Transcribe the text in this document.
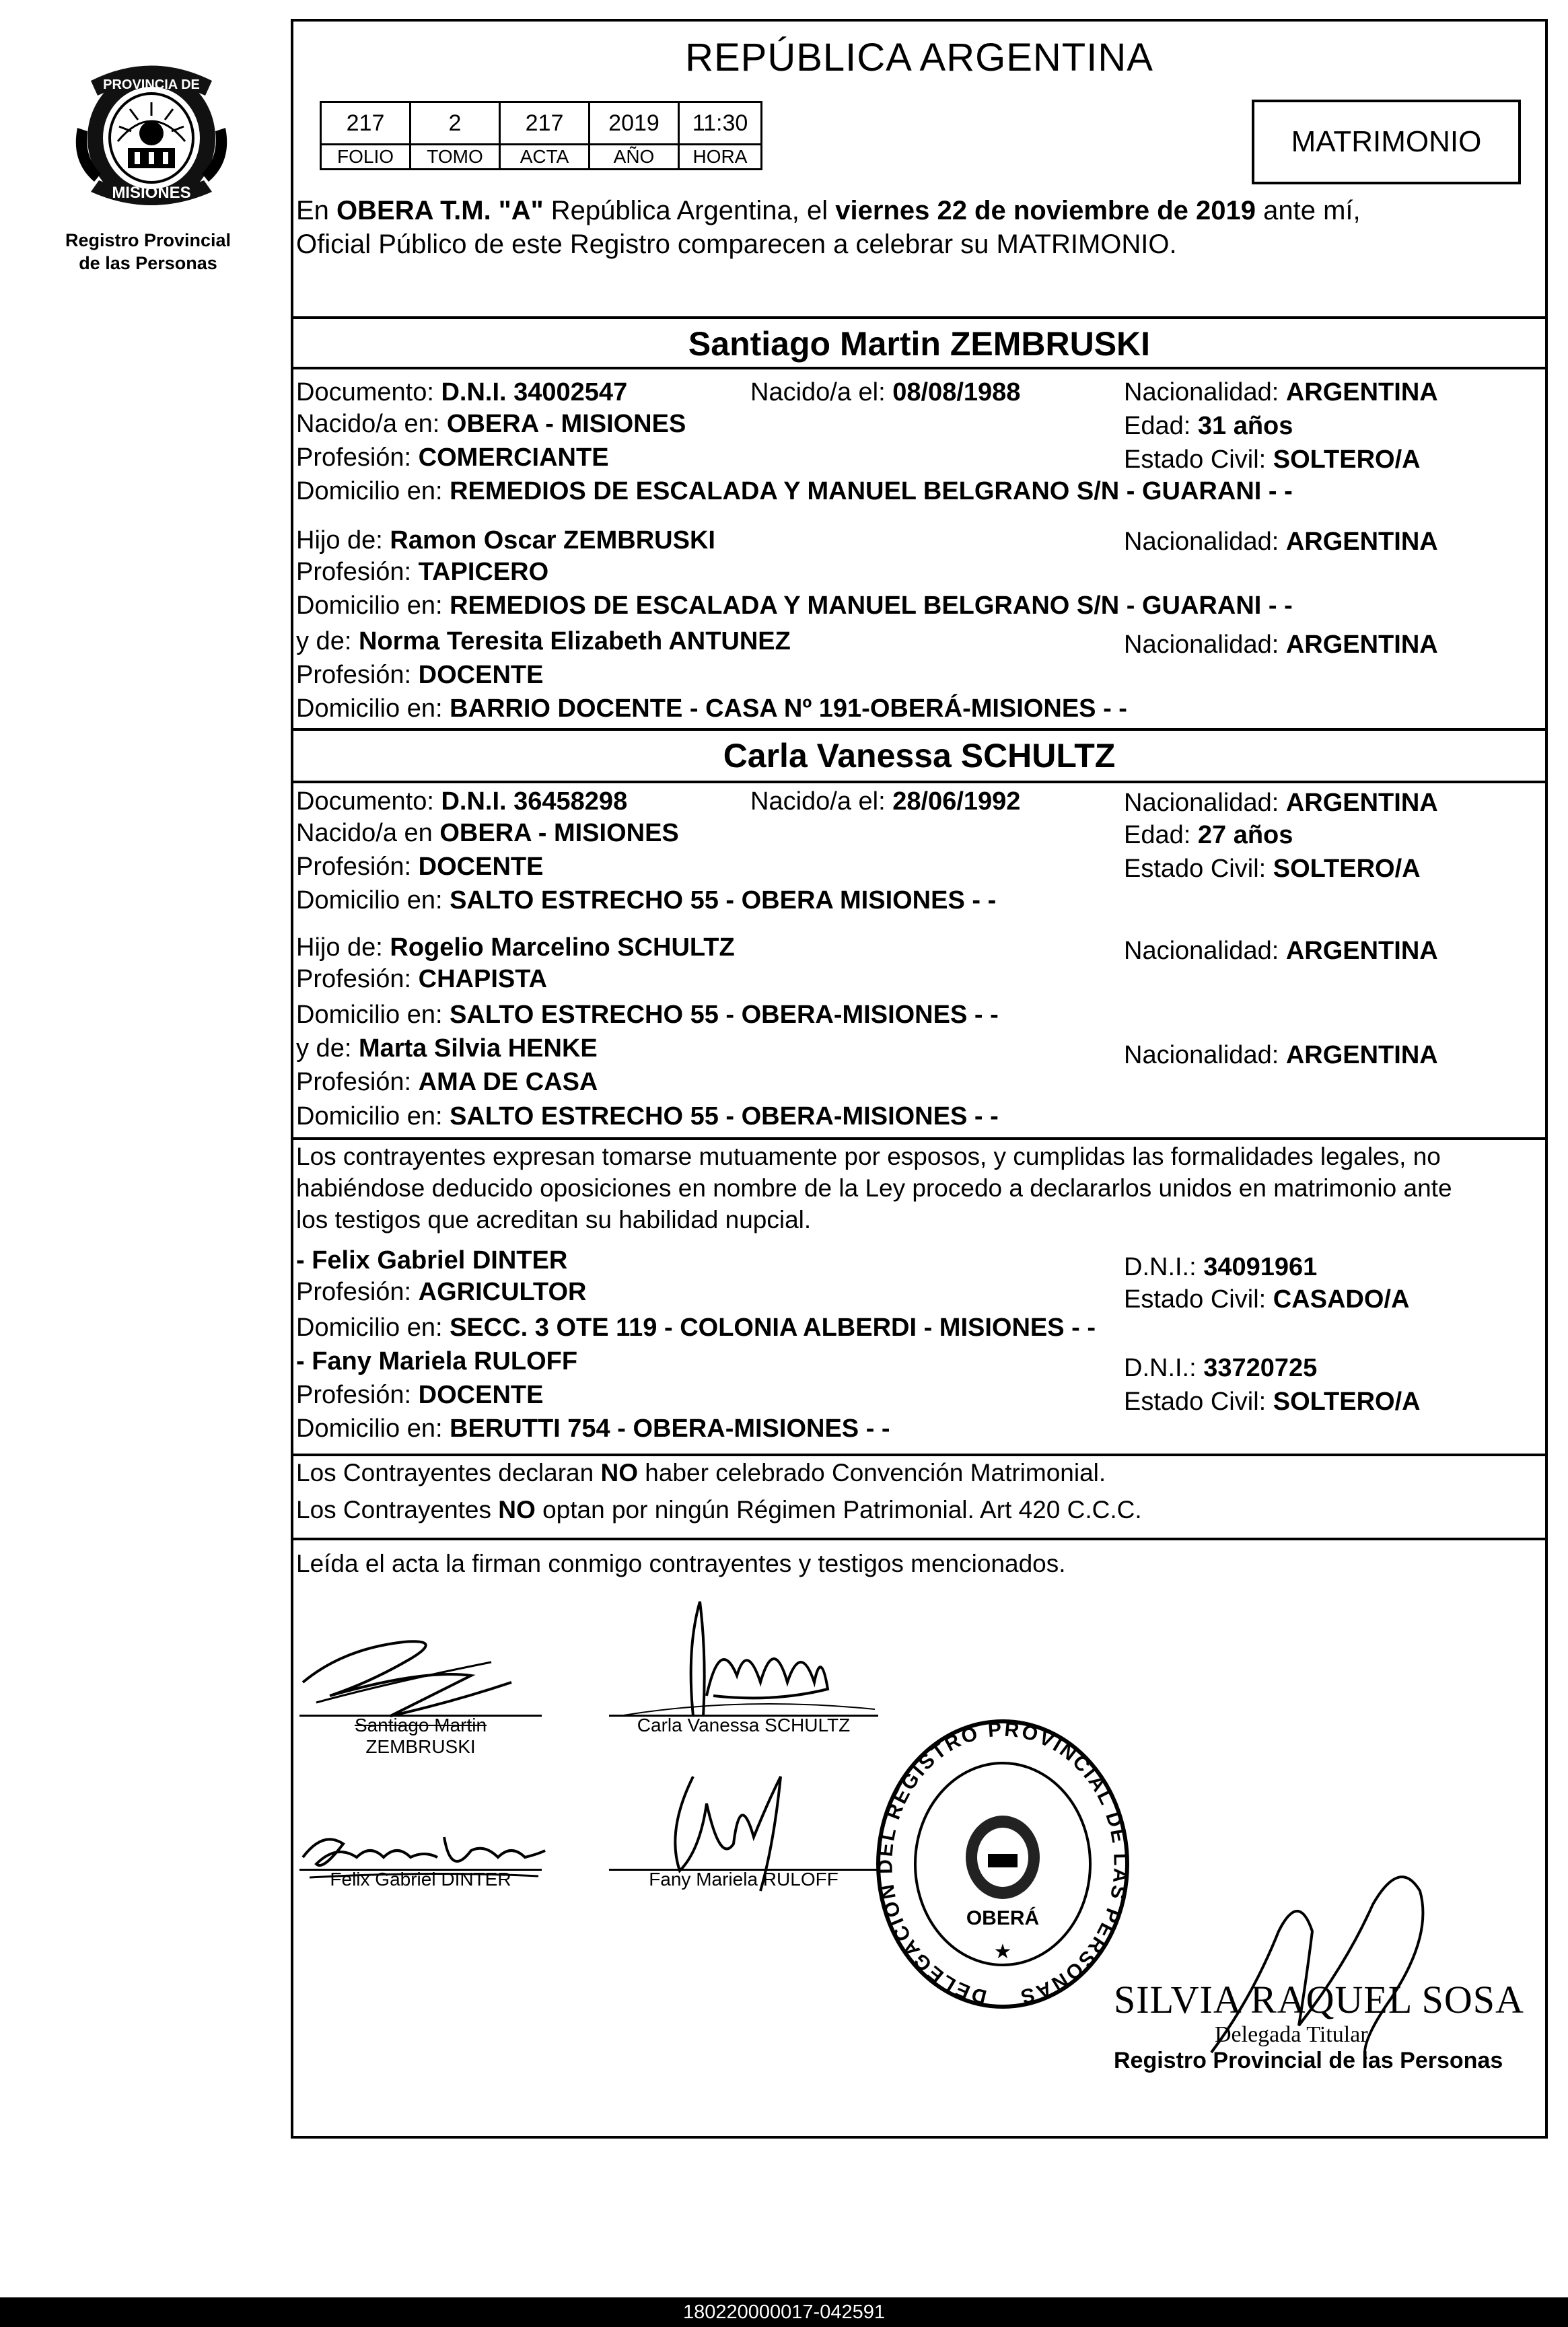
PROVINCIA DE
MISIONES
Registro Provincial
de las Personas
REPÚBLICA ARGENTINA
217	2	217	2019	11:30
FOLIO	TOMO	ACTA	AÑO	HORA	MATRIMONIO
En OBERA T.M. "A" República Argentina, el viernes 22 de noviembre de 2019 ante mí,
Oficial Público de este Registro comparecen a celebrar su MATRIMONIO.
Santiago Martin ZEMBRUSKI
Documento: D.N.I. 34002547	Nacido/a el: 08/08/1988	Nacionalidad: ARGENTINA
Nacido/a en: OBERA - MISIONES	Edad: 31 años
Profesión: COMERCIANTE	Estado Civil: SOLTERO/A
Domicilio en: REMEDIOS DE ESCALADA Y MANUEL BELGRANO S/N - GUARANI - -
Hijo de: Ramon Oscar ZEMBRUSKI	Nacionalidad: ARGENTINA
Profesión: TAPICERO
Domicilio en: REMEDIOS DE ESCALADA Y MANUEL BELGRANO S/N - GUARANI - -
y de: Norma Teresita Elizabeth ANTUNEZ	Nacionalidad: ARGENTINA
Profesión: DOCENTE
Domicilio en: BARRIO DOCENTE - CASA Nº 191-OBERÁ-MISIONES - -
Carla Vanessa SCHULTZ
Documento: D.N.I. 36458298	Nacido/a el: 28/06/1992	Nacionalidad: ARGENTINA
Nacido/a en OBERA - MISIONES	Edad: 27 años
Profesión: DOCENTE	Estado Civil: SOLTERO/A
Domicilio en: SALTO ESTRECHO 55 - OBERA MISIONES - -
Hijo de: Rogelio Marcelino SCHULTZ	Nacionalidad: ARGENTINA
Profesión: CHAPISTA
Domicilio en: SALTO ESTRECHO 55 - OBERA-MISIONES - -
y de: Marta Silvia HENKE	Nacionalidad: ARGENTINA
Profesión: AMA DE CASA
Domicilio en: SALTO ESTRECHO 55 - OBERA-MISIONES - -
Los contrayentes expresan tomarse mutuamente por esposos, y cumplidas las formalidades legales, no
habiéndose deducido oposiciones en nombre de la Ley procedo a declararlos unidos en matrimonio ante
los testigos que acreditan su habilidad nupcial.
- Felix Gabriel DINTER	D.N.I.: 34091961
Profesión: AGRICULTOR	Estado Civil: CASADO/A
Domicilio en: SECC. 3 OTE 119 - COLONIA ALBERDI - MISIONES - -
- Fany Mariela RULOFF	D.N.I.: 33720725
Profesión: DOCENTE	Estado Civil: SOLTERO/A
Domicilio en: BERUTTI 754 - OBERA-MISIONES - -
Los Contrayentes declaran NO haber celebrado Convención Matrimonial.
Los Contrayentes NO optan por ningún Régimen Patrimonial. Art 420 C.C.C.
Leída el acta la firman conmigo contrayentes y testigos mencionados.
Santiago Martin
ZEMBRUSKI
Carla Vanessa SCHULTZ
Felix Gabriel DINTER	Fany Mariela RULOFF
DELEGACION DEL REGISTRO PROVINCIAL DE LAS PERSONAS
OBERÁ
★
SILVIA RAQUEL SOSA
Delegada Titular
Registro Provincial de las Personas
180220000017-042591
